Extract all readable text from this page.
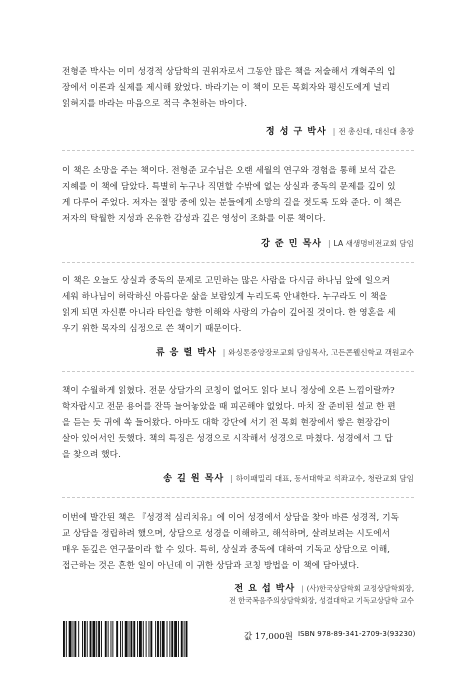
전형준 박사는 이미 성경적 상담학의 권위자로서 그동안 많은 책을 저술해서 개혁주의 입
장에서 이론과 실제를 제시해 왔었다. 바라기는 이 책이 모든 목회자와 평신도에게 널리
읽혀지를 바라는 마음으로 적극 추천하는 바이다.
정 성 구 박사 | 전 총신대, 대신대 총장
이 책은 소망을 주는 책이다. 전형준 교수님은 오랜 세월의 연구와 경험을 통해 보석 같은
지혜를 이 책에 담았다. 특별히 누구나 직면할 수밖에 없는 상실과 중독의 문제를 깊이 있
게 다루어 주었다. 저자는 절망 중에 있는 분들에게 소망의 길을 젓도록 도와 준다. 이 책은
저자의 탁월한 지성과 온유한 감성과 깊은 영성이 조화를 이룬 책이다.
강 준 민 목사 | LA 새생명비전교회 담임
이 책은 오늘도 상실과 중독의 문제로 고민하는 많은 사람을 다시금 하나님 앞에 일으켜
세워 하나님이 허락하신 아름다운 삶을 보람있게 누리도록 안내한다. 누구라도 이 책을
읽게 되면 자신뿐 아니라 타인을 향한 이해와 사랑의 가슴이 깊어질 것이다. 한 영혼을 세
우기 위한 목자의 심정으로 쓴 책이기 때문이다.
류 응 렬 박사 | 와싱톤중앙장로교회 담임목사, 고든콘웰신학교 객원교수
책이 수월하게 읽혔다. 전문 상담가의 코칭이 없어도 읽다 보니 정상에 오른 느낌이랄까?
학자랍시고 전문 용어를 잔뜩 늘어놓았을 때 피곤해야 없었다. 마치 잘 준비된 설교 한 편
을 듣는 듯 귀에 쏙 들어왔다. 아마도 대학 강단에 서기 전 목회 현장에서 쌓은 현장감이
살아 있어서인 듯했다. 책의 특징은 성경으로 시작해서 성경으로 마쳤다. 성경에서 그 답
을 찾으려 했다.
송 길 원 목사 | 하이패밀리 대표, 동서대학교 석좌교수, 청란교회 담임
이번에 발간된 책은 『성경적 심리치유』에 이어 성경에서 상담을 찾아 바른 성경적, 기독
교 상담을 정립하려 했으며, 상담으로 성경을 이해하고, 해석하며, 살려보려는 시도에서
매우 돋깊은 연구물이라 할 수 있다. 특히, 상실과 중독에 대하여 기독교 상담으로 이해,
접근하는 것은 흔한 일이 아닌데 이 귀한 상담과 코칭 방법을 이 책에 담아냈다.
전 요 섭 박사 | (사)한국상담학회 교정상담학회장,
전 한국복음주의상담학회장, 성결대학교 기독교상담학 교수
값 17,000원 ISBN 978-89-341-2709-3(93230)
